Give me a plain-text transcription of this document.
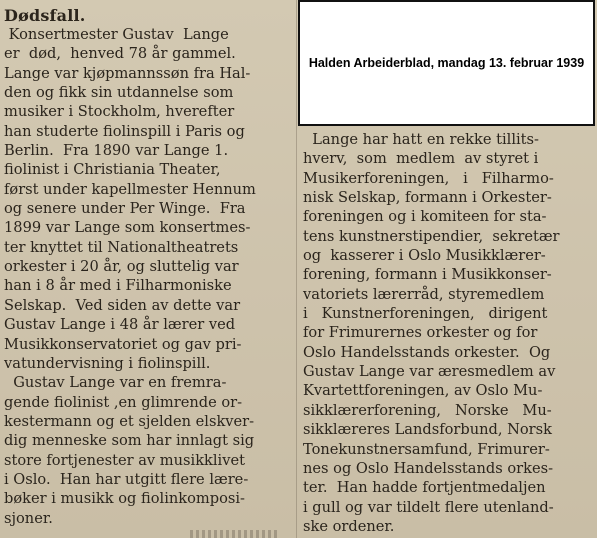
Dødsfall.
Konsertmester Gustav  Lange
er  død,  henved 78 år gammel.
Lange var kjøpmannssøn fra Hal-
den og fikk sin utdannelse som
musiker i Stockholm, hverefter
han studerte fiolinspill i Paris og
Berlin.  Fra 1890 var Lange 1.
fiolinist i Christiania Theater,
først under kapellmester Hennum
og senere under Per Winge.  Fra
1899 var Lange som konsertmes-
ter knyttet til Nationaltheatrets
orkester i 20 år, og sluttelig var
han i 8 år med i Filharmoniske
Selskap.  Ved siden av dette var
Gustav Lange i 48 år lærer ved
Musikkonservatoriet og gav pri-
vatundervisning i fiolinspill.
Gustav Lange var en fremra-
gende fiolinist ,en glimrende or-
kestermann og et sjelden elskver-
dig menneske som har innlagt sig
store fortjenester av musikklivet
i Oslo.  Han har utgitt flere lære-
bøker i musikk og fiolinkomposi-
sjoner.
Halden Arbeiderblad, mandag 13. februar 1939
Lange har hatt en rekke tillits-
hverv,  som  medlem  av styret i
Musikerforeningen,   i   Filharmo-
nisk Selskap, formann i Orkester-
foreningen og i komiteen for sta-
tens kunstnerstipendier,  sekretær
og  kasserer i Oslo Musikklærer-
forening, formann i Musikkonser-
vatoriets lærerråd, styremedlem
i   Kunstnerforeningen,   dirigent
for Frimurernes orkester og for
Oslo Handelsstands orkester.  Og
Gustav Lange var æresmedlem av
Kvartettforeningen, av Oslo Mu-
sikklærerforening,   Norske   Mu-
sikklæreres Landsforbund, Norsk
Tonekunstnersamfund, Frimurer-
nes og Oslo Handelsstands orkes-
ter.  Han hadde fortjentmedaljen
i gull og var tildelt flere utenland-
ske ordener.
